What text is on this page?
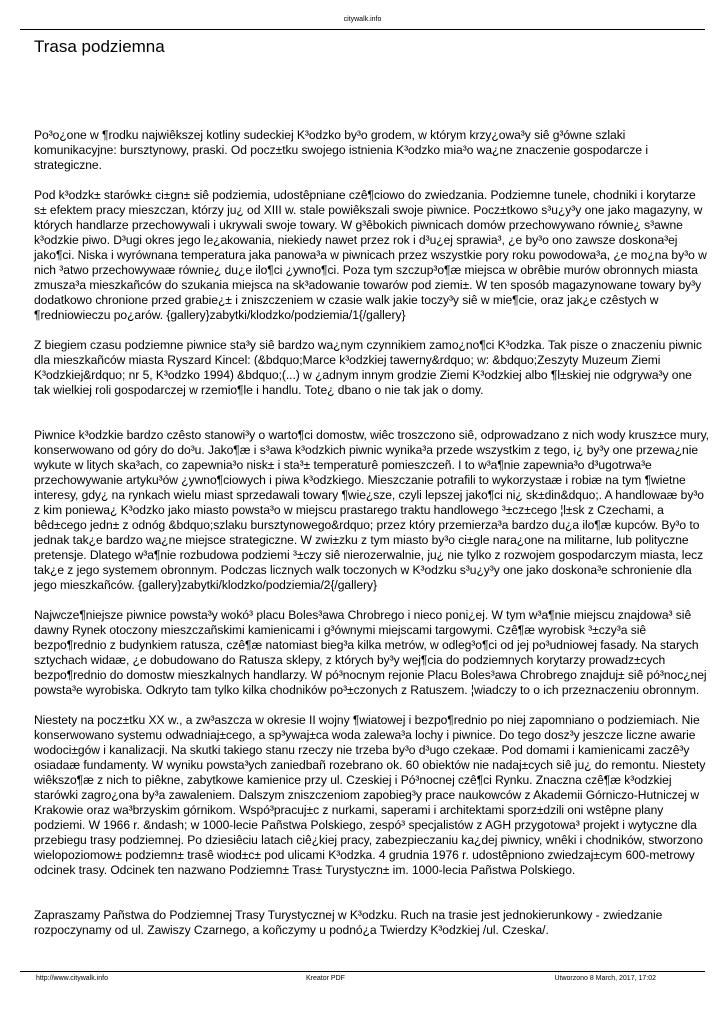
citywalk.info
Trasa podziemna

Po³o¿one w ¶rodku najwiêkszej kotliny sudeckiej K³odzko by³o grodem, w którym krzy¿owa³y siê g³ówne szlaki komunikacyjne: bursztynowy, praski. Od pocz±tku swojego istnienia K³odzko mia³o wa¿ne znaczenie gospodarcze i strategiczne.

Pod k³odzk± starówk± ci±gn± siê podziemia, udostêpniane czê¶ciowo do zwiedzania. Podziemne tunele, chodniki i korytarze s± efektem pracy mieszczan, którzy ju¿ od XIII w. stale powiêkszali swoje piwnice. Pocz±tkowo s³u¿y³y one jako magazyny, w których handlarze przechowywali i ukrywali swoje towary. W g³êbokich piwnicach domów przechowywano równie¿ s³awne k³odzkie piwo. D³ugi okres jego le¿akowania, niekiedy nawet przez rok i d³u¿ej sprawia³, ¿e by³o ono zawsze doskona³ej jako¶ci. Niska i wyrównana temperatura jaka panowa³a w piwnicach przez wszystkie pory roku powodowa³a, ¿e mo¿na by³o w nich ³atwo przechowywaæ równie¿ du¿e ilo¶ci ¿ywno¶ci. Poza tym szczup³o¶æ miejsca w obrêbie murów obronnych miasta zmusza³a mieszkañców do szukania miejsca na sk³adowanie towarów pod ziemi±. W ten sposób magazynowane towary by³y dodatkowo chronione przed grabie¿± i zniszczeniem w czasie walk jakie toczy³y siê w mie¶cie, oraz jak¿e czêstych w ¶redniowieczu po¿arów. {gallery}zabytki/klodzko/podziemia/1{/gallery}

Z biegiem czasu podziemne piwnice sta³y siê bardzo wa¿nym czynnikiem zamo¿no¶ci K³odzka. Tak pisze o znaczeniu piwnic dla mieszkañców miasta Ryszard Kincel: (&bdquo;Marce k³odzkiej tawerny&rdquo; w: &bdquo;Zeszyty Muzeum Ziemi K³odzkiej&rdquo; nr 5, K³odzko 1994) &bdquo;(...) w ¿adnym innym grodzie Ziemi K³odzkiej albo ¶l±skiej nie odgrywa³y one tak wielkiej roli gospodarczej w rzemio¶le i handlu. Tote¿ dbano o nie tak jak o domy.

Piwnice k³odzkie bardzo czêsto stanowi³y o warto¶ci domostw, wiêc troszczono siê, odprowadzano z nich wody krusz±ce mury, konserwowano od góry do do³u. Jako¶æ i s³awa k³odzkich piwnic wynika³a przede wszystkim z tego, i¿ by³y one przewa¿nie wykute w litych ska³ach, co zapewnia³o nisk± i sta³± temperaturê pomieszczeñ. I to w³a¶nie zapewnia³o d³ugotrwa³e przechowywanie artyku³ów ¿ywno¶ciowych i piwa k³odzkiego. Mieszczanie potrafili to wykorzystaæ i robiæ na tym ¶wietne interesy, gdy¿ na rynkach wielu miast sprzedawali towary ¶wie¿sze, czyli lepszej jako¶ci ni¿ sk±din&dquo;. A handlowaæ by³o z kim poniewa¿ K³odzko jako miasto powsta³o w miejscu prastarego traktu handlowego ³±cz±cego ¦l±sk z Czechami, a bêd±cego jedn± z odnóg &bdquo;szlaku bursztynowego&rdquo; przez który przemierza³a bardzo du¿a ilo¶æ kupców. By³o to jednak tak¿e bardzo wa¿ne miejsce strategiczne. W zwi±zku z tym miasto by³o ci±gle nara¿one na militarne, lub polityczne pretensje. Dlatego w³a¶nie rozbudowa podziemi ³±czy siê nierozerwalnie, ju¿ nie tylko z rozwojem gospodarczym miasta, lecz tak¿e z jego systemem obronnym. Podczas licznych walk toczonych w K³odzku s³u¿y³y one jako doskona³e schronienie dla jego mieszkañców. {gallery}zabytki/klodzko/podziemia/2{/gallery}

Najwcze¶niejsze piwnice powsta³y wokó³ placu Boles³awa Chrobrego i nieco poni¿ej. W tym w³a¶nie miejscu znajdowa³ siê dawny Rynek otoczony mieszczañskimi kamienicami i g³ównymi miejscami targowymi. Czê¶æ wyrobisk ³±czy³a siê bezpo¶rednio z budynkiem ratusza, czê¶æ natomiast bieg³a kilka metrów, w odleg³o¶ci od jej po³udniowej fasady. Na starych sztychach widaæ, ¿e dobudowano do Ratusza sklepy, z których by³y wej¶cia do podziemnych korytarzy prowadz±cych bezpo¶rednio do domostw mieszkalnych handlarzy. W pó³nocnym rejonie Placu Boles³awa Chrobrego znajduj± siê pó³noc¿nej powsta³e wyrobiska. Odkryto tam tylko kilka chodników po³±czonych z Ratuszem. ¦wiadczy to o ich przeznaczeniu obronnym.

Niestety na pocz±tku XX w., a zw³aszcza w okresie II wojny ¶wiatowej i bezpo¶rednio po niej zapomniano o podziemiach. Nie konserwowano systemu odwadniaj±cego, a sp³ywaj±ca woda zalewa³a lochy i piwnice. Do tego dosz³y jeszcze liczne awarie wodoci±gów i kanalizacji. Na skutki takiego stanu rzeczy nie trzeba by³o d³ugo czekaæ. Pod domami i kamienicami zaczê³y osiadaæ fundamenty. W wyniku powsta³ych zaniedbañ rozebrano ok. 60 obiektów nie nadaj±cych siê ju¿ do remontu. Niestety wiêkszo¶æ z nich to piêkne, zabytkowe kamienice przy ul. Czeskiej i Pó³nocnej czê¶ci Rynku. Znaczna czê¶æ k³odzkiej starówki zagro¿ona by³a zawaleniem. Dalszym zniszczeniom zapobieg³y prace naukowców z Akademii Górniczo-Hutniczej w Krakowie oraz wa³brzyskim górnikom. Wspó³pracuj±c z nurkami, saperami i architektami sporz±dzili oni wstêpne plany podziemi. W 1966 r. &ndash; w 1000-lecie Pañstwa Polskiego, zespó³ specjalistów z AGH przygotowa³ projekt i wytyczne dla przebiegu trasy podziemnej. Po dziesiêciu latach ciê¿kiej pracy, zabezpieczaniu ka¿dej piwnicy, wnêki i chodników, stworzono wielopoziomow± podziemn± trasê wiod±c± pod ulicami K³odzka. 4 grudnia 1976 r. udostêpniono zwiedzaj±cym 600-metrowy odcinek trasy. Odcinek ten nazwano Podziemn± Tras± Turystyczn± im. 1000-lecia Pañstwa Polskiego.

Zapraszamy Pañstwa do Podziemnej Trasy Turystycznej w K³odzku. Ruch na trasie jest jednokierunkowy - zwiedzanie rozpoczynamy od ul. Zawiszy Czarnego, a koñczymy u podnó¿a Twierdzy K³odzkiej /ul. Czeska/.

http://www.citywalk.info	Kreator PDF	Utworzono 8 March, 2017, 17:02
